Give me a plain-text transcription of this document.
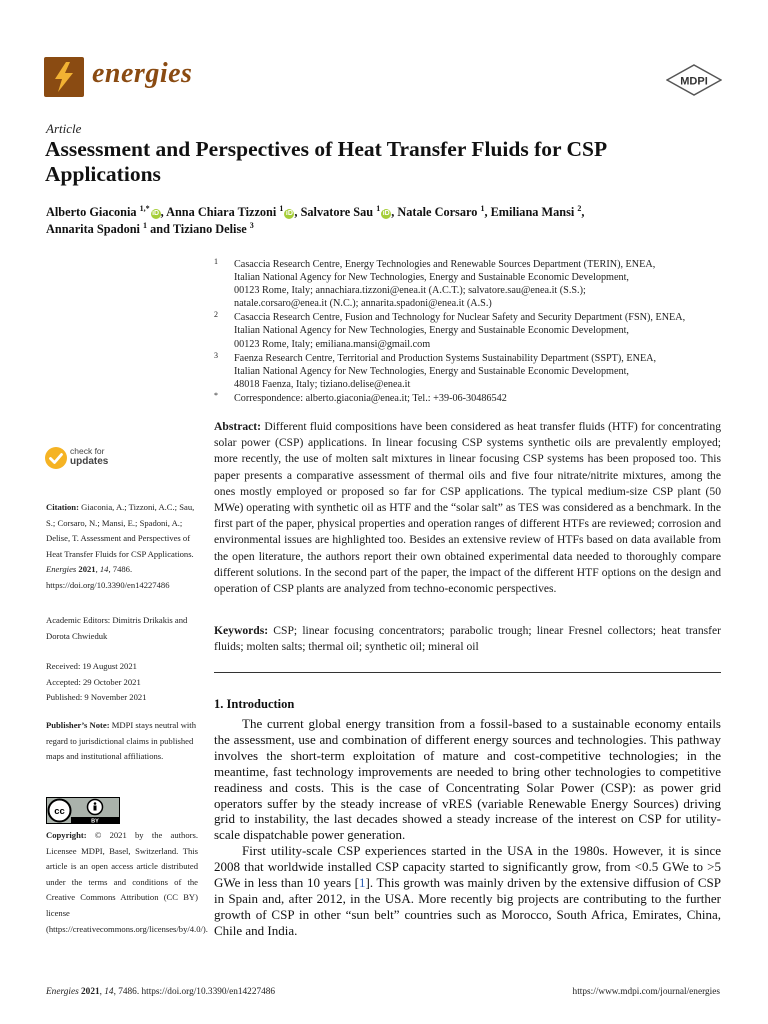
energies	MDPI
Article
Assessment and Perspectives of Heat Transfer Fluids for CSP Applications
Alberto Giaconia $^{1,*}$iD , Anna Chiara Tizzoni $^1$iD , Salvatore Sau $^1$iD , Natale Corsaro $^1$, Emiliana Mansi $^2$,
Annarita Spadoni $^1$ and Tiziano Delise $^3$
1 Casaccia Research Centre, Energy Technologies and Renewable Sources Department (TERIN), ENEA,
Italian National Agency for New Technologies, Energy and Sustainable Economic Development,
00123 Rome, Italy; annachiara.tizzoni@enea.it (A.C.T.); salvatore.sau@enea.it (S.S.);
natale.corsaro@enea.it (N.C.); annarita.spadoni@enea.it (A.S.)
2 Casaccia Research Centre, Fusion and Technology for Nuclear Safety and Security Department (FSN), ENEA,
Italian National Agency for New Technologies, Energy and Sustainable Economic Development,
00123 Rome, Italy; emiliana.mansi@gmail.com
3 Faenza Research Centre, Territorial and Production Systems Sustainability Department (SSPT), ENEA,
Italian National Agency for New Technologies, Energy and Sustainable Economic Development,
48018 Faenza, Italy; tiziano.delise@enea.it
* Correspondence: alberto.giaconia@enea.it; Tel.: +39-06-30486542
Abstract: Different fluid compositions have been considered as heat transfer fluids (HTF) for concentrating solar power (CSP) applications. In linear focusing CSP systems synthetic oils are prevalently employed; more recently, the use of molten salt mixtures in linear focusing CSP systems has been proposed too. This paper presents a comparative assessment of thermal oils and five four nitrate/nitrite mixtures, among the ones mostly employed or proposed so far for CSP applications. The typical medium-size CSP plant (50 MWe) operating with synthetic oil as HTF and the “solar salt” as TES was considered as a benchmark. In the first part of the paper, physical properties and operation ranges of different HTFs are reviewed; corrosion and environmental issues are highlighted too. Besides an extensive review of HTFs based on data available from the open literature, the authors report their own obtained experimental data needed to thoroughly compare different solutions. In the second part of the paper, the impact of the different HTF options on the design and operation of CSP plants are analyzed from techno-economic perspectives.
Keywords: CSP; linear focusing concentrators; parabolic trough; linear Fresnel collectors; heat transfer fluids; molten salts; thermal oil; synthetic oil; mineral oil
1. Introduction

The current global energy transition from a fossil-based to a sustainable economy entails the assessment, use and combination of different energy sources and technologies. This pathway involves the short-term exploitation of mature and cost-competitive technologies; in the meantime, fast technology improvements are needed to bring other technologies to competitive readiness and costs. This is the case of Concentrating Solar Power (CSP): as power grid operators suffer by the steady increase of vRES (variable Renewable Energy Sources) driving grid to instability, the last decades showed a steady increase of the interest on CSP for utility-scale dispatchable power generation.

First utility-scale CSP experiences started in the USA in the 1980s. However, it is since 2008 that worldwide installed CSP capacity started to significantly grow, from <0.5 GWe to >5 GWe in less than 10 years [1]. This growth was mainly driven by the extensive diffusion of CSP in Spain and, after 2012, in the USA. More recently big projects are contributing to the further growth of CSP in other “sun belt” countries such as Morocco, South Africa, Emirates, China, Chile and India.

check for
updates
Citation: Giaconia, A.; Tizzoni, A.C.; Sau, S.; Corsaro, N.; Mansi, E.; Spadoni, A.; Delise, T. Assessment and Perspectives of Heat Transfer Fluids for CSP Applications. Energies 2021, 14, 7486. https://doi.org/10.3390/en14227486
Academic Editors: Dimitris Drikakis and Dorota Chwieduk
Received: 19 August 2021
Accepted: 29 October 2021
Published: 9 November 2021
Publisher’s Note: MDPI stays neutral with regard to jurisdictional claims in published maps and institutional affiliations.
cc
BY
Copyright: © 2021 by the authors. Licensee MDPI, Basel, Switzerland. This article is an open access article distributed under the terms and conditions of the Creative Commons Attribution (CC BY) license (https://creativecommons.org/licenses/by/4.0/).
Energies 2021, 14, 7486. https://doi.org/10.3390/en14227486	https://www.mdpi.com/journal/energies
